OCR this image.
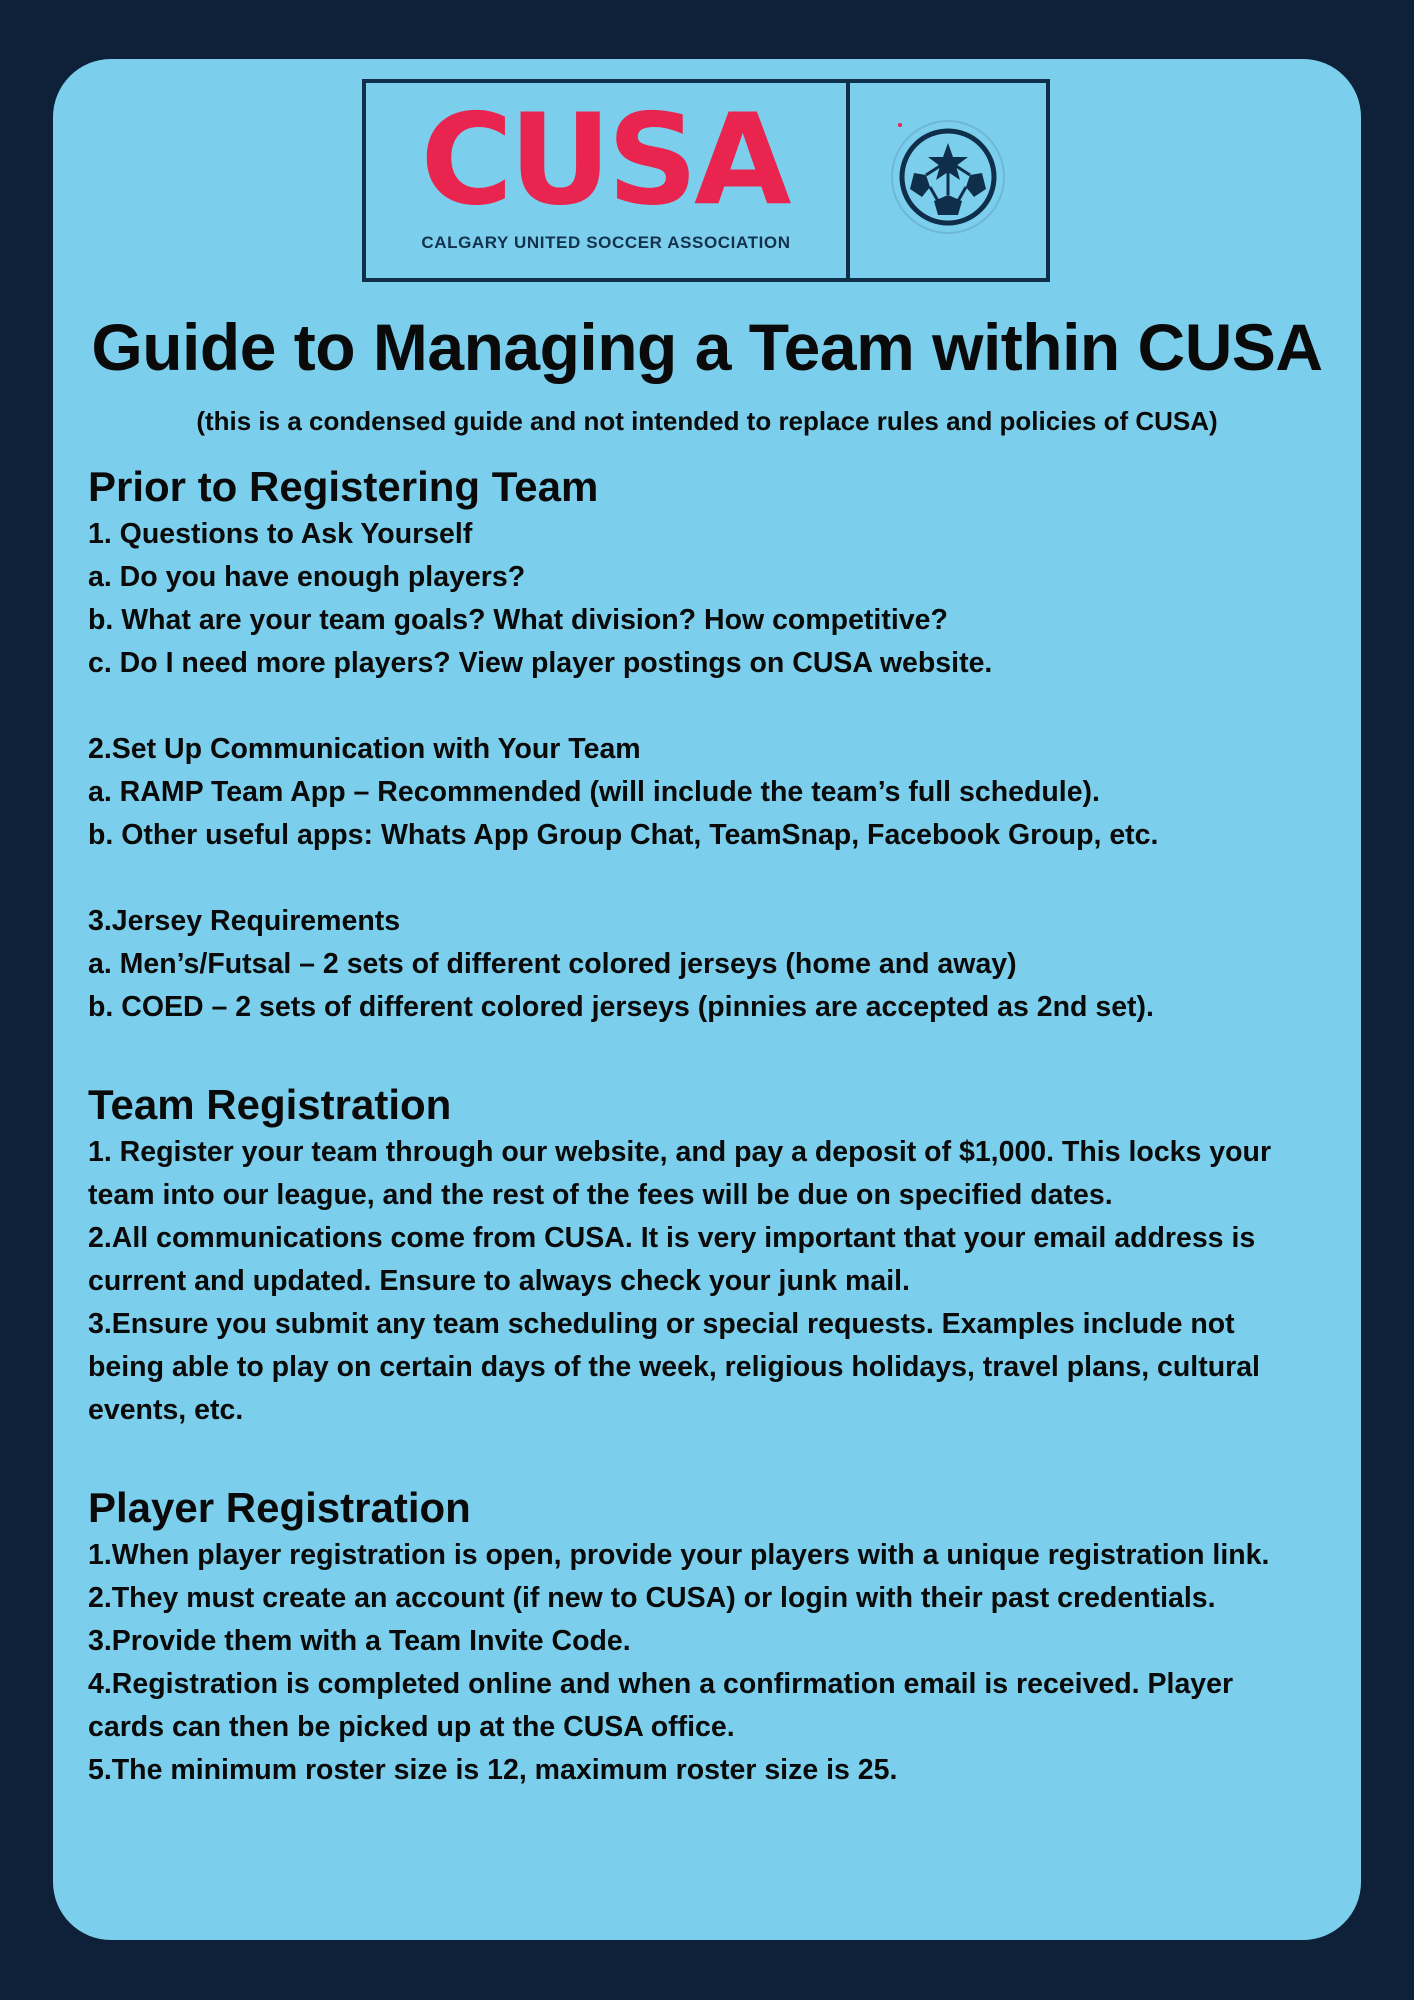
CUSA
CALGARY UNITED SOCCER ASSOCIATION
Guide to Managing a Team within CUSA

(this is a condensed guide and not intended to replace rules and policies of CUSA)

Prior to Registering Team

1. Questions to Ask Yourself

a. Do you have enough players?

b. What are your team goals? What division? How competitive?

c. Do I need more players? View player postings on CUSA website.

2.Set Up Communication with Your Team

a. RAMP Team App – Recommended (will include the team’s full schedule).

b. Other useful apps: Whats App Group Chat, TeamSnap, Facebook Group, etc.

3.Jersey Requirements

a. Men’s/Futsal – 2 sets of different colored jerseys (home and away)

b. COED – 2 sets of different colored jerseys (pinnies are accepted as 2nd set).

Team Registration

1. Register your team through our website, and pay a deposit of $1,000. This locks your

team into our league, and the rest of the fees will be due on specified dates.

2.All communications come from CUSA. It is very important that your email address is

current and updated. Ensure to always check your junk mail.

3.Ensure you submit any team scheduling or special requests. Examples include not

being able to play on certain days of the week, religious holidays, travel plans, cultural

events, etc.

Player Registration

1.When player registration is open, provide your players with a unique registration link.

2.They must create an account (if new to CUSA) or login with their past credentials.

3.Provide them with a Team Invite Code.

4.Registration is completed online and when a confirmation email is received. Player

cards can then be picked up at the CUSA office.

5.The minimum roster size is 12, maximum roster size is 25.
